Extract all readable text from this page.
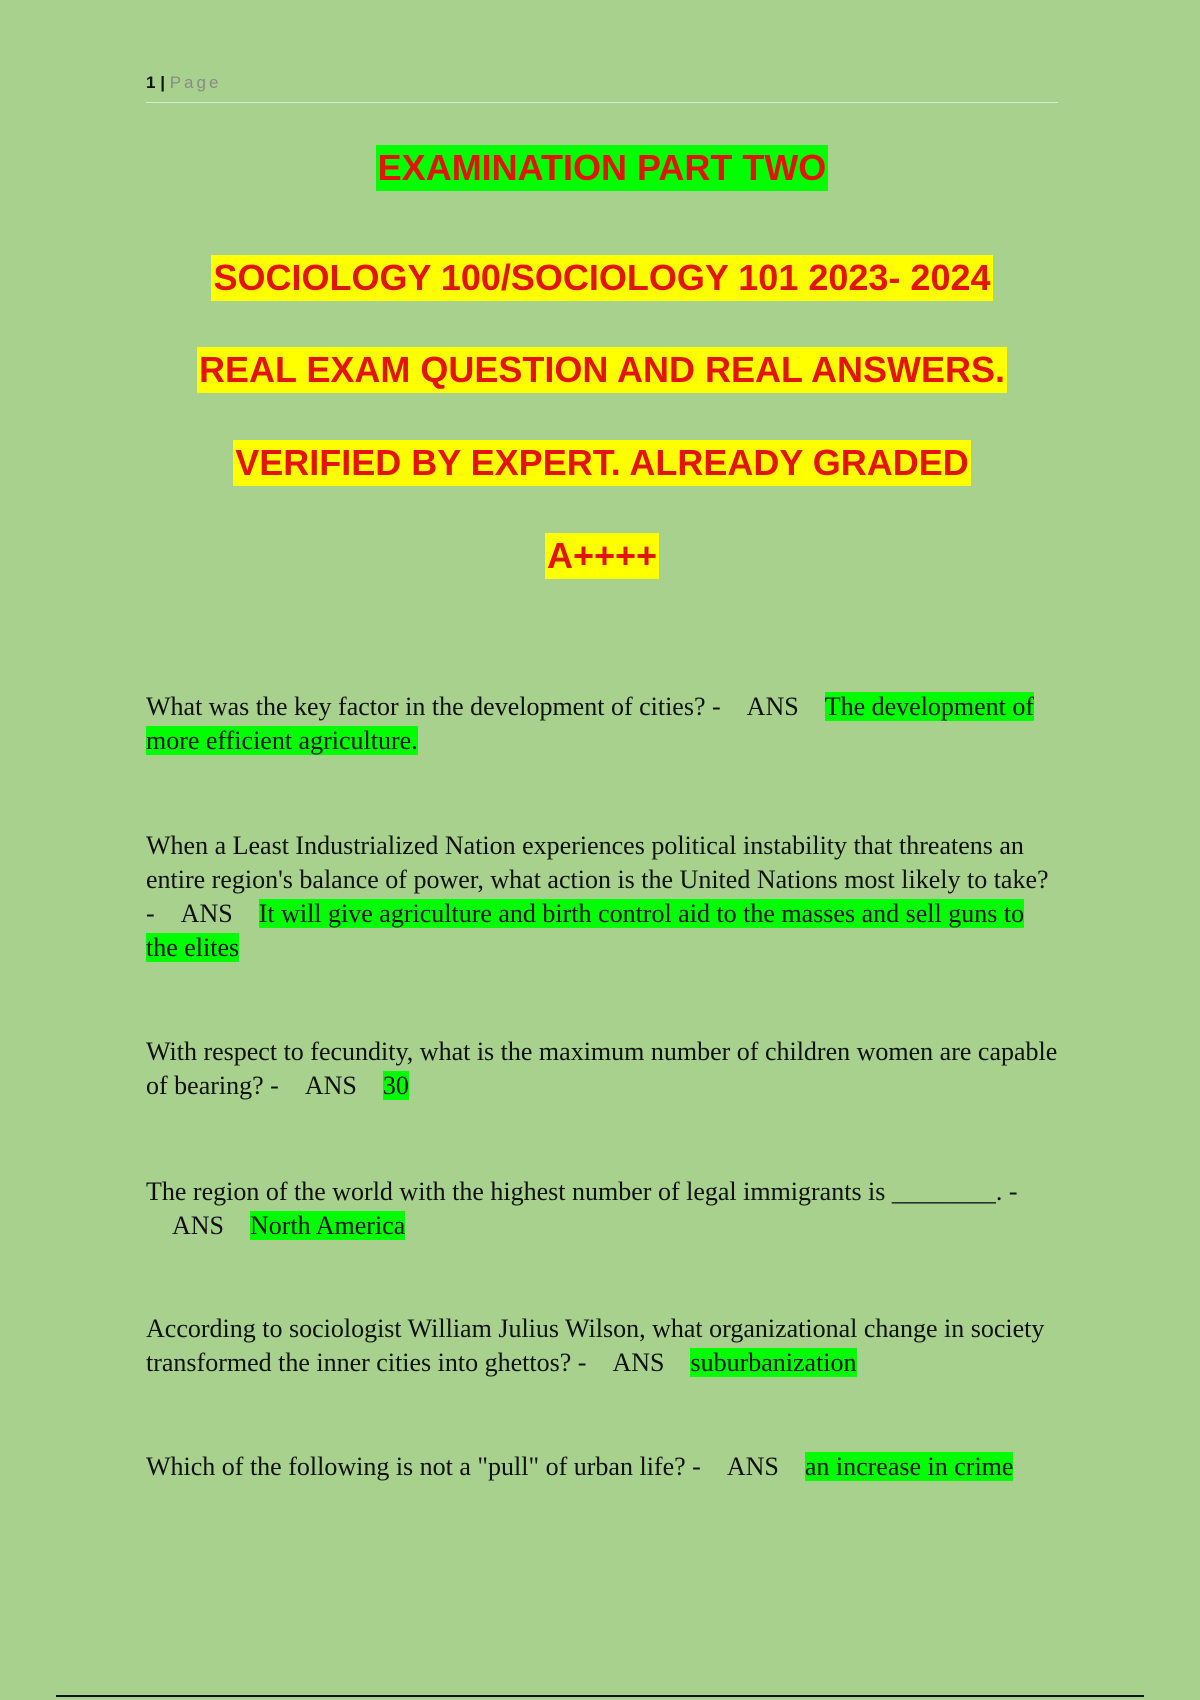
1 | Page
EXAMINATION PART TWO
SOCIOLOGY 100/SOCIOLOGY 101 2023- 2024
REAL EXAM QUESTION AND REAL ANSWERS.
VERIFIED BY EXPERT. ALREADY GRADED
A++++
What was the key factor in the development of cities? - ANS The development of more efficient agriculture.
When a Least Industrialized Nation experiences political instability that threatens an entire region's balance of power, what action is the United Nations most likely to take? - ANS It will give agriculture and birth control aid to the masses and sell guns to the elites
With respect to fecundity, what is the maximum number of children women are capable of bearing? - ANS 30
The region of the world with the highest number of legal immigrants is ________. -ANS North America
According to sociologist William Julius Wilson, what organizational change in society transformed the inner cities into ghettos? - ANS suburbanization
Which of the following is not a "pull" of urban life? - ANS an increase in crime
